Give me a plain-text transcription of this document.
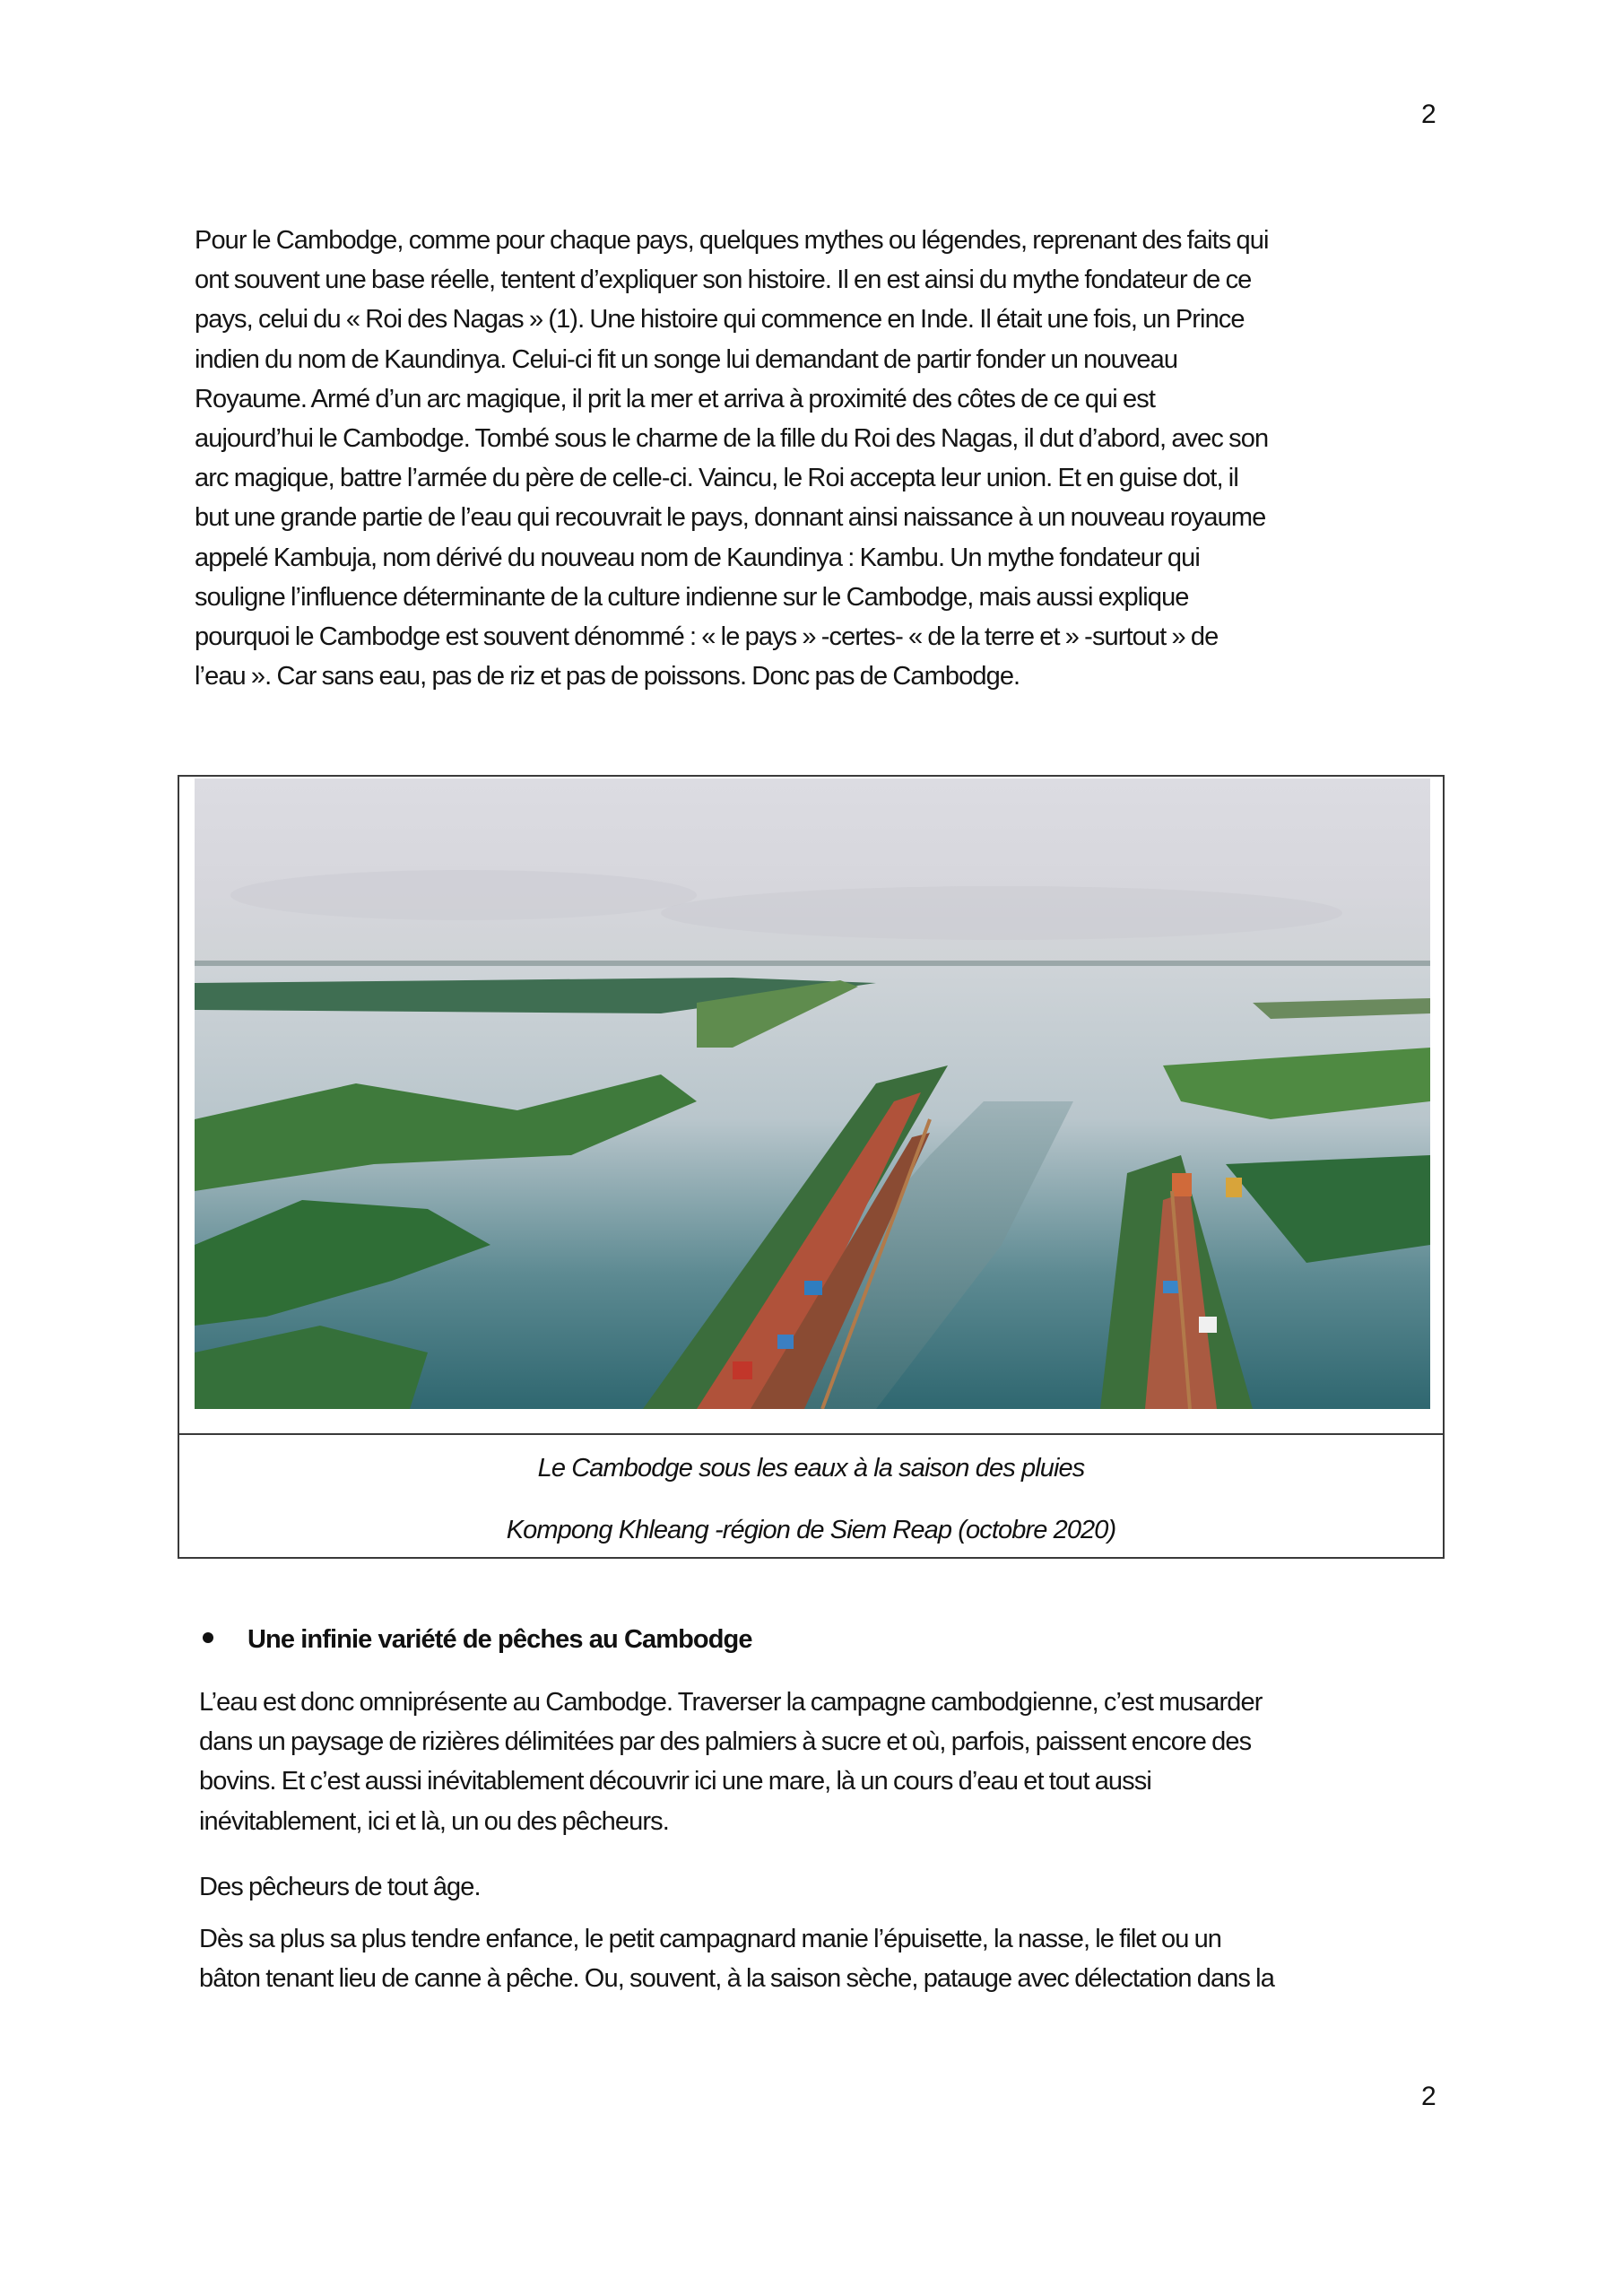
2

Pour le Cambodge, comme pour chaque pays, quelques mythes ou légendes, reprenant des faits qui
ont souvent une base réelle, tentent d’expliquer son histoire. Il en est ainsi du mythe fondateur de ce
pays, celui du « Roi des Nagas » (1). Une histoire qui commence en Inde. Il était une fois, un Prince
indien du nom de Kaundinya. Celui-ci fit un songe lui demandant de partir fonder un nouveau
Royaume. Armé d’un arc magique, il prit la mer et arriva à proximité des côtes de ce qui est
aujourd’hui le Cambodge. Tombé sous le charme de la fille du Roi des Nagas, il dut d’abord, avec son
arc magique, battre l’armée du père de celle-ci. Vaincu, le Roi accepta leur union. Et en guise dot, il
but une grande partie de l’eau qui recouvrait le pays, donnant ainsi naissance à un nouveau royaume
appelé Kambuja, nom dérivé du nouveau nom de Kaundinya : Kambu. Un mythe fondateur qui
souligne l’influence déterminante de la culture indienne sur le Cambodge, mais aussi explique
pourquoi le Cambodge est souvent dénommé : « le pays » -certes- « de la terre et » -surtout » de
l’eau ». Car sans eau, pas de riz et pas de poissons. Donc pas de Cambodge.

Le Cambodge sous les eaux à la saison des pluies
Kompong Khleang -région de Siem Reap (octobre 2020)
Une infinie variété de pêches au Cambodge

L’eau est donc omniprésente au Cambodge. Traverser la campagne cambodgienne, c’est musarder
dans un paysage de rizières délimitées par des palmiers à sucre et où, parfois, paissent encore des
bovins. Et c’est aussi inévitablement découvrir ici une mare, là un cours d’eau et tout aussi
inévitablement, ici et là, un ou des pêcheurs.

Des pêcheurs de tout âge.

Dès sa plus sa plus tendre enfance, le petit campagnard manie l’épuisette, la nasse, le filet ou un
bâton tenant lieu de canne à pêche. Ou, souvent, à la saison sèche, patauge avec délectation dans la

2
